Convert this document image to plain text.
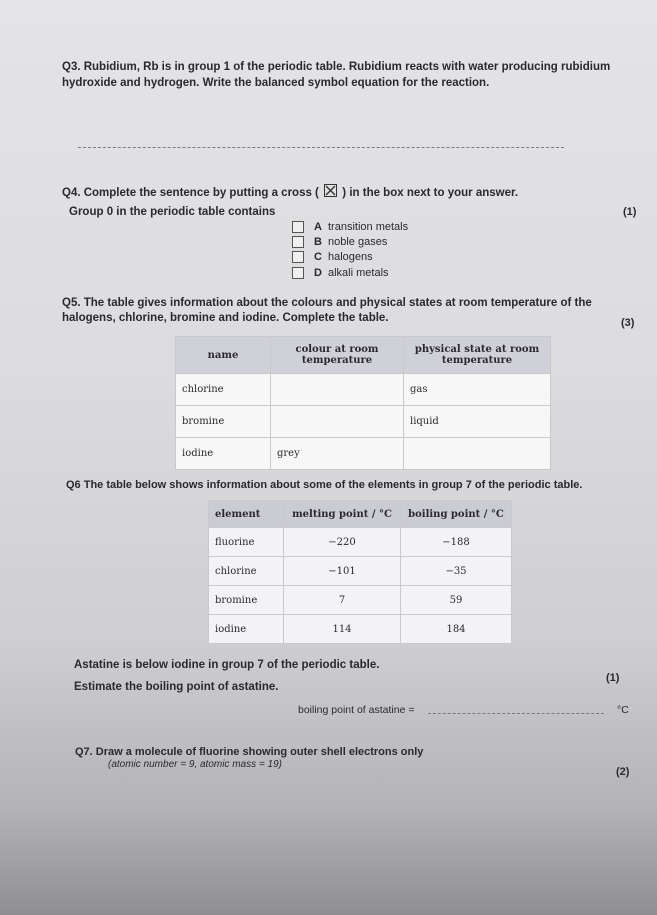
Q3. Rubidium, Rb is in group 1 of the periodic table. Rubidium reacts with water producing rubidium
hydroxide and hydrogen. Write the balanced symbol equation for the reaction.
Q4. Complete the sentence by putting a cross ( ☒ ) in the box next to your answer.
Group 0 in the periodic table contains	(1)
A transition metals
B noble gases
C halogens
D alkali metals
Q5. The table gives information about the colours and physical states at room temperature of the
halogens, chlorine, bromine and iodine. Complete the table.	(3)
name	colour at room temperature	physical state at room temperature
chlorine		gas
bromine		liquid
iodine	grey	
Q6 The table below shows information about some of the elements in group 7 of the periodic table.
element	melting point / °C	boiling point / °C
fluorine	−220	−188
chlorine	−101	−35
bromine	7	59
iodine	114	184
Astatine is below iodine in group 7 of the periodic table.
Estimate the boiling point of astatine.
(1)
boiling point of astatine =	°C
Q7. Draw a molecule of fluorine showing outer shell electrons only
(atomic number = 9, atomic mass = 19)
(2)
